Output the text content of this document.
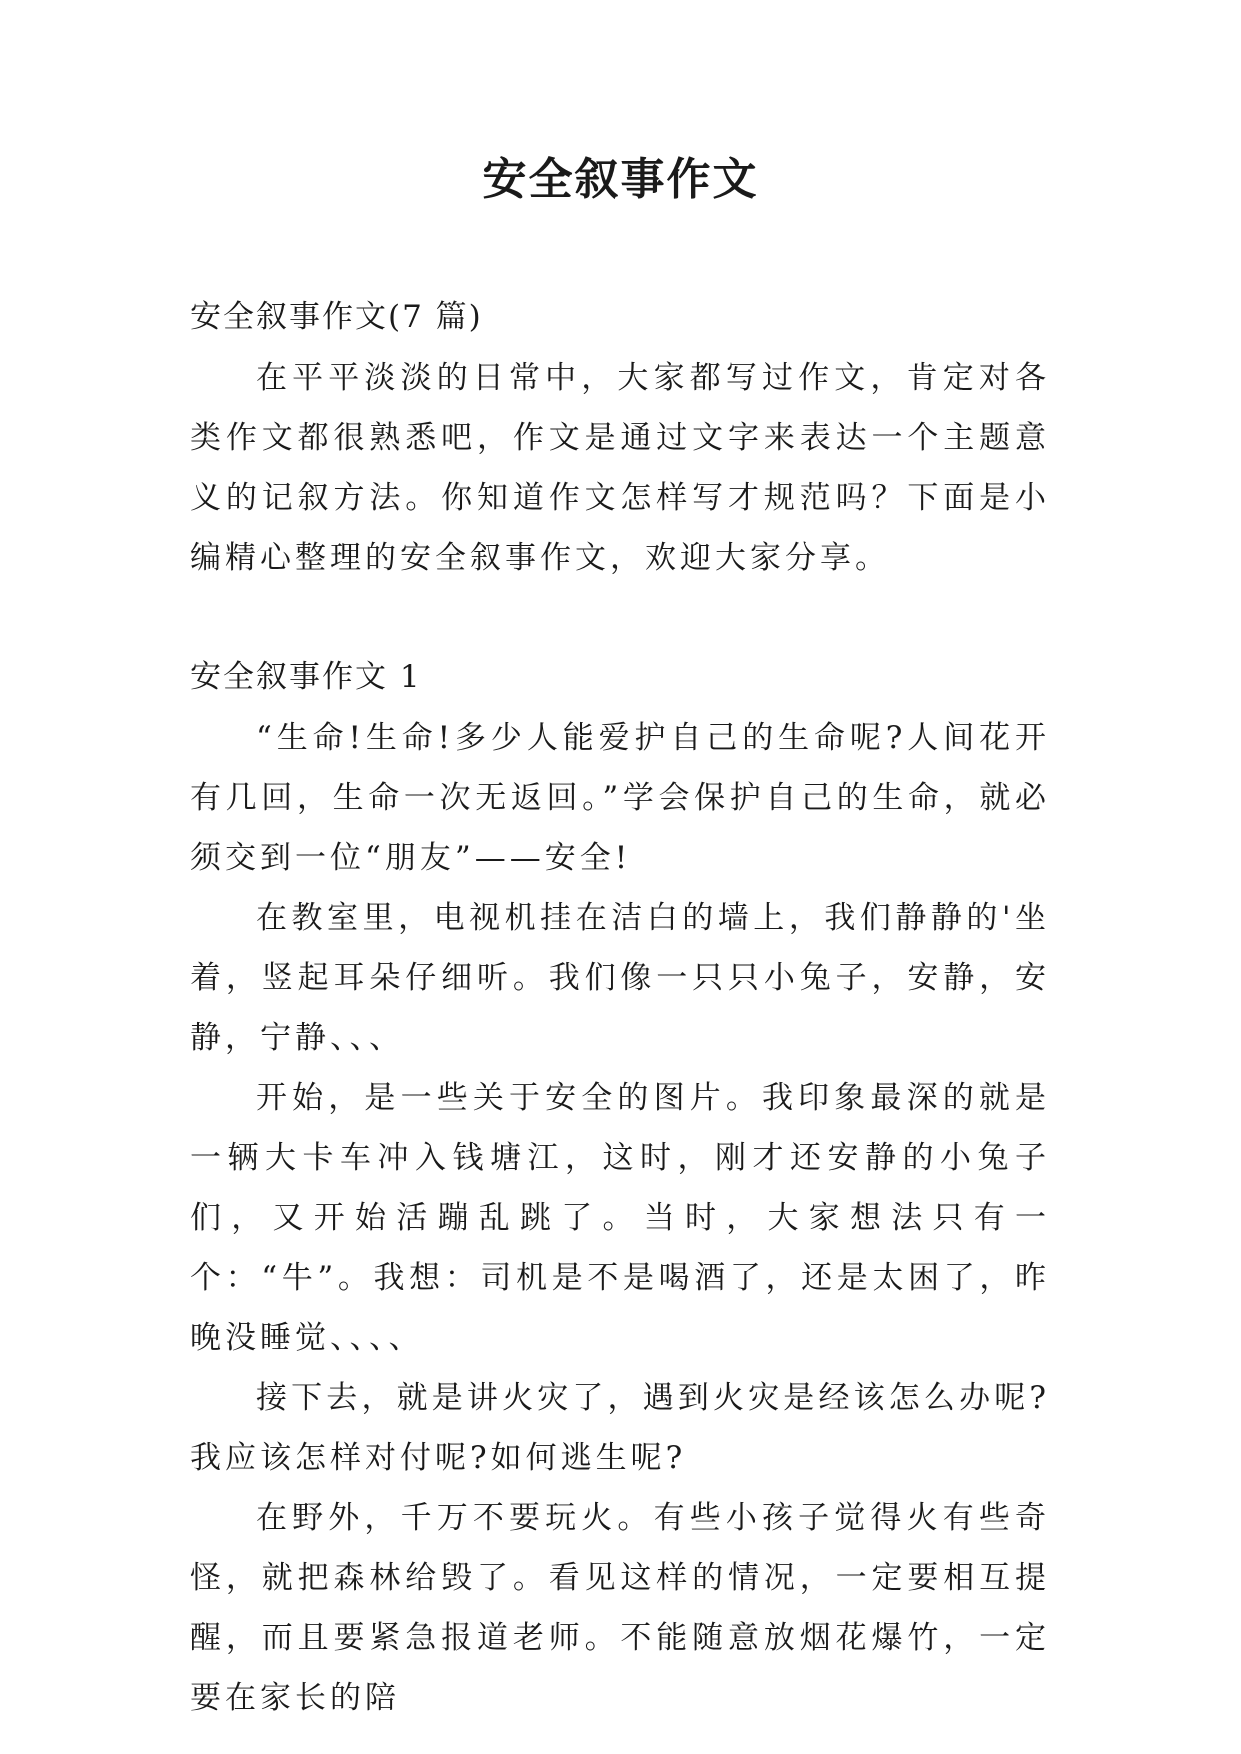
安全叙事作文

安全叙事作文(7 篇)

在平平淡淡的日常中，大家都写过作文，肯定对各类作文都很熟悉吧，作文是通过文字来表达一个主题意义的记叙方法。你知道作文怎样写才规范吗？下面是小编精心整理的安全叙事作文，欢迎大家分享。

安全叙事作文 1

“生命!生命!多少人能爱护自己的生命呢?人间花开有几回，生命一次无返回。”学会保护自己的生命，就必须交到一位“朋友”——安全!

在教室里，电视机挂在洁白的墙上，我们静静的'坐着，竖起耳朵仔细听。我们像一只只小兔子，安静，安静，宁静、、、

开始，是一些关于安全的图片。我印象最深的就是一辆大卡车冲入钱塘江，这时，刚才还安静的小兔子们，又开始活蹦乱跳了。当时，大家想法只有一个：“牛”。我想：司机是不是喝酒了，还是太困了，昨晚没睡觉、、、、

接下去，就是讲火灾了，遇到火灾是经该怎么办呢?我应该怎样对付呢?如何逃生呢?

在野外，千万不要玩火。有些小孩子觉得火有些奇怪，就把森林给毁了。看见这样的情况，一定要相互提醒，而且要紧急报道老师。不能随意放烟花爆竹，一定要在家长的陪
